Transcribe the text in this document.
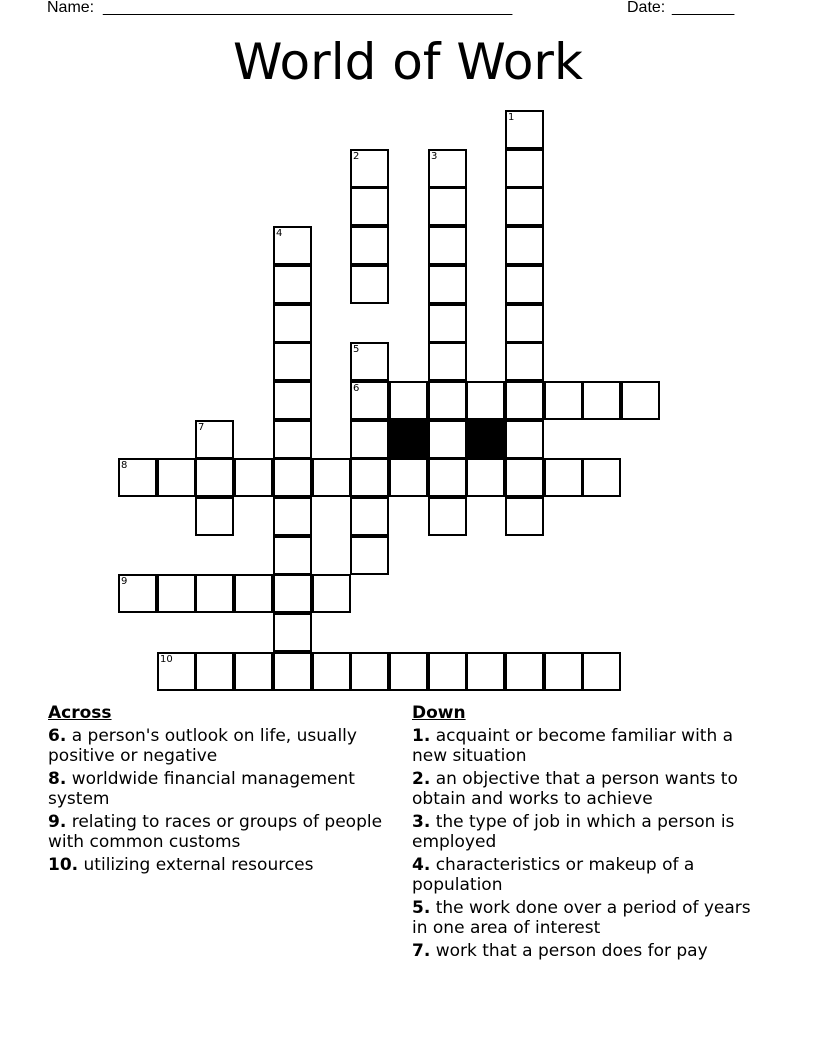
Name: ______________________________________________	Date: _______
World of Work
1
2	3
4
5
6
7
8
9
10
Across
6. a person's outlook on life, usually positive or negative
8. worldwide financial management system
9. relating to races or groups of people with common customs
10. utilizing external resources
Down
1. acquaint or become familiar with a new situation
2. an objective that a person wants to obtain and works to achieve
3. the type of job in which a person is employed
4. characteristics or makeup of a population
5. the work done over a period of years in one area of interest
7. work that a person does for pay
